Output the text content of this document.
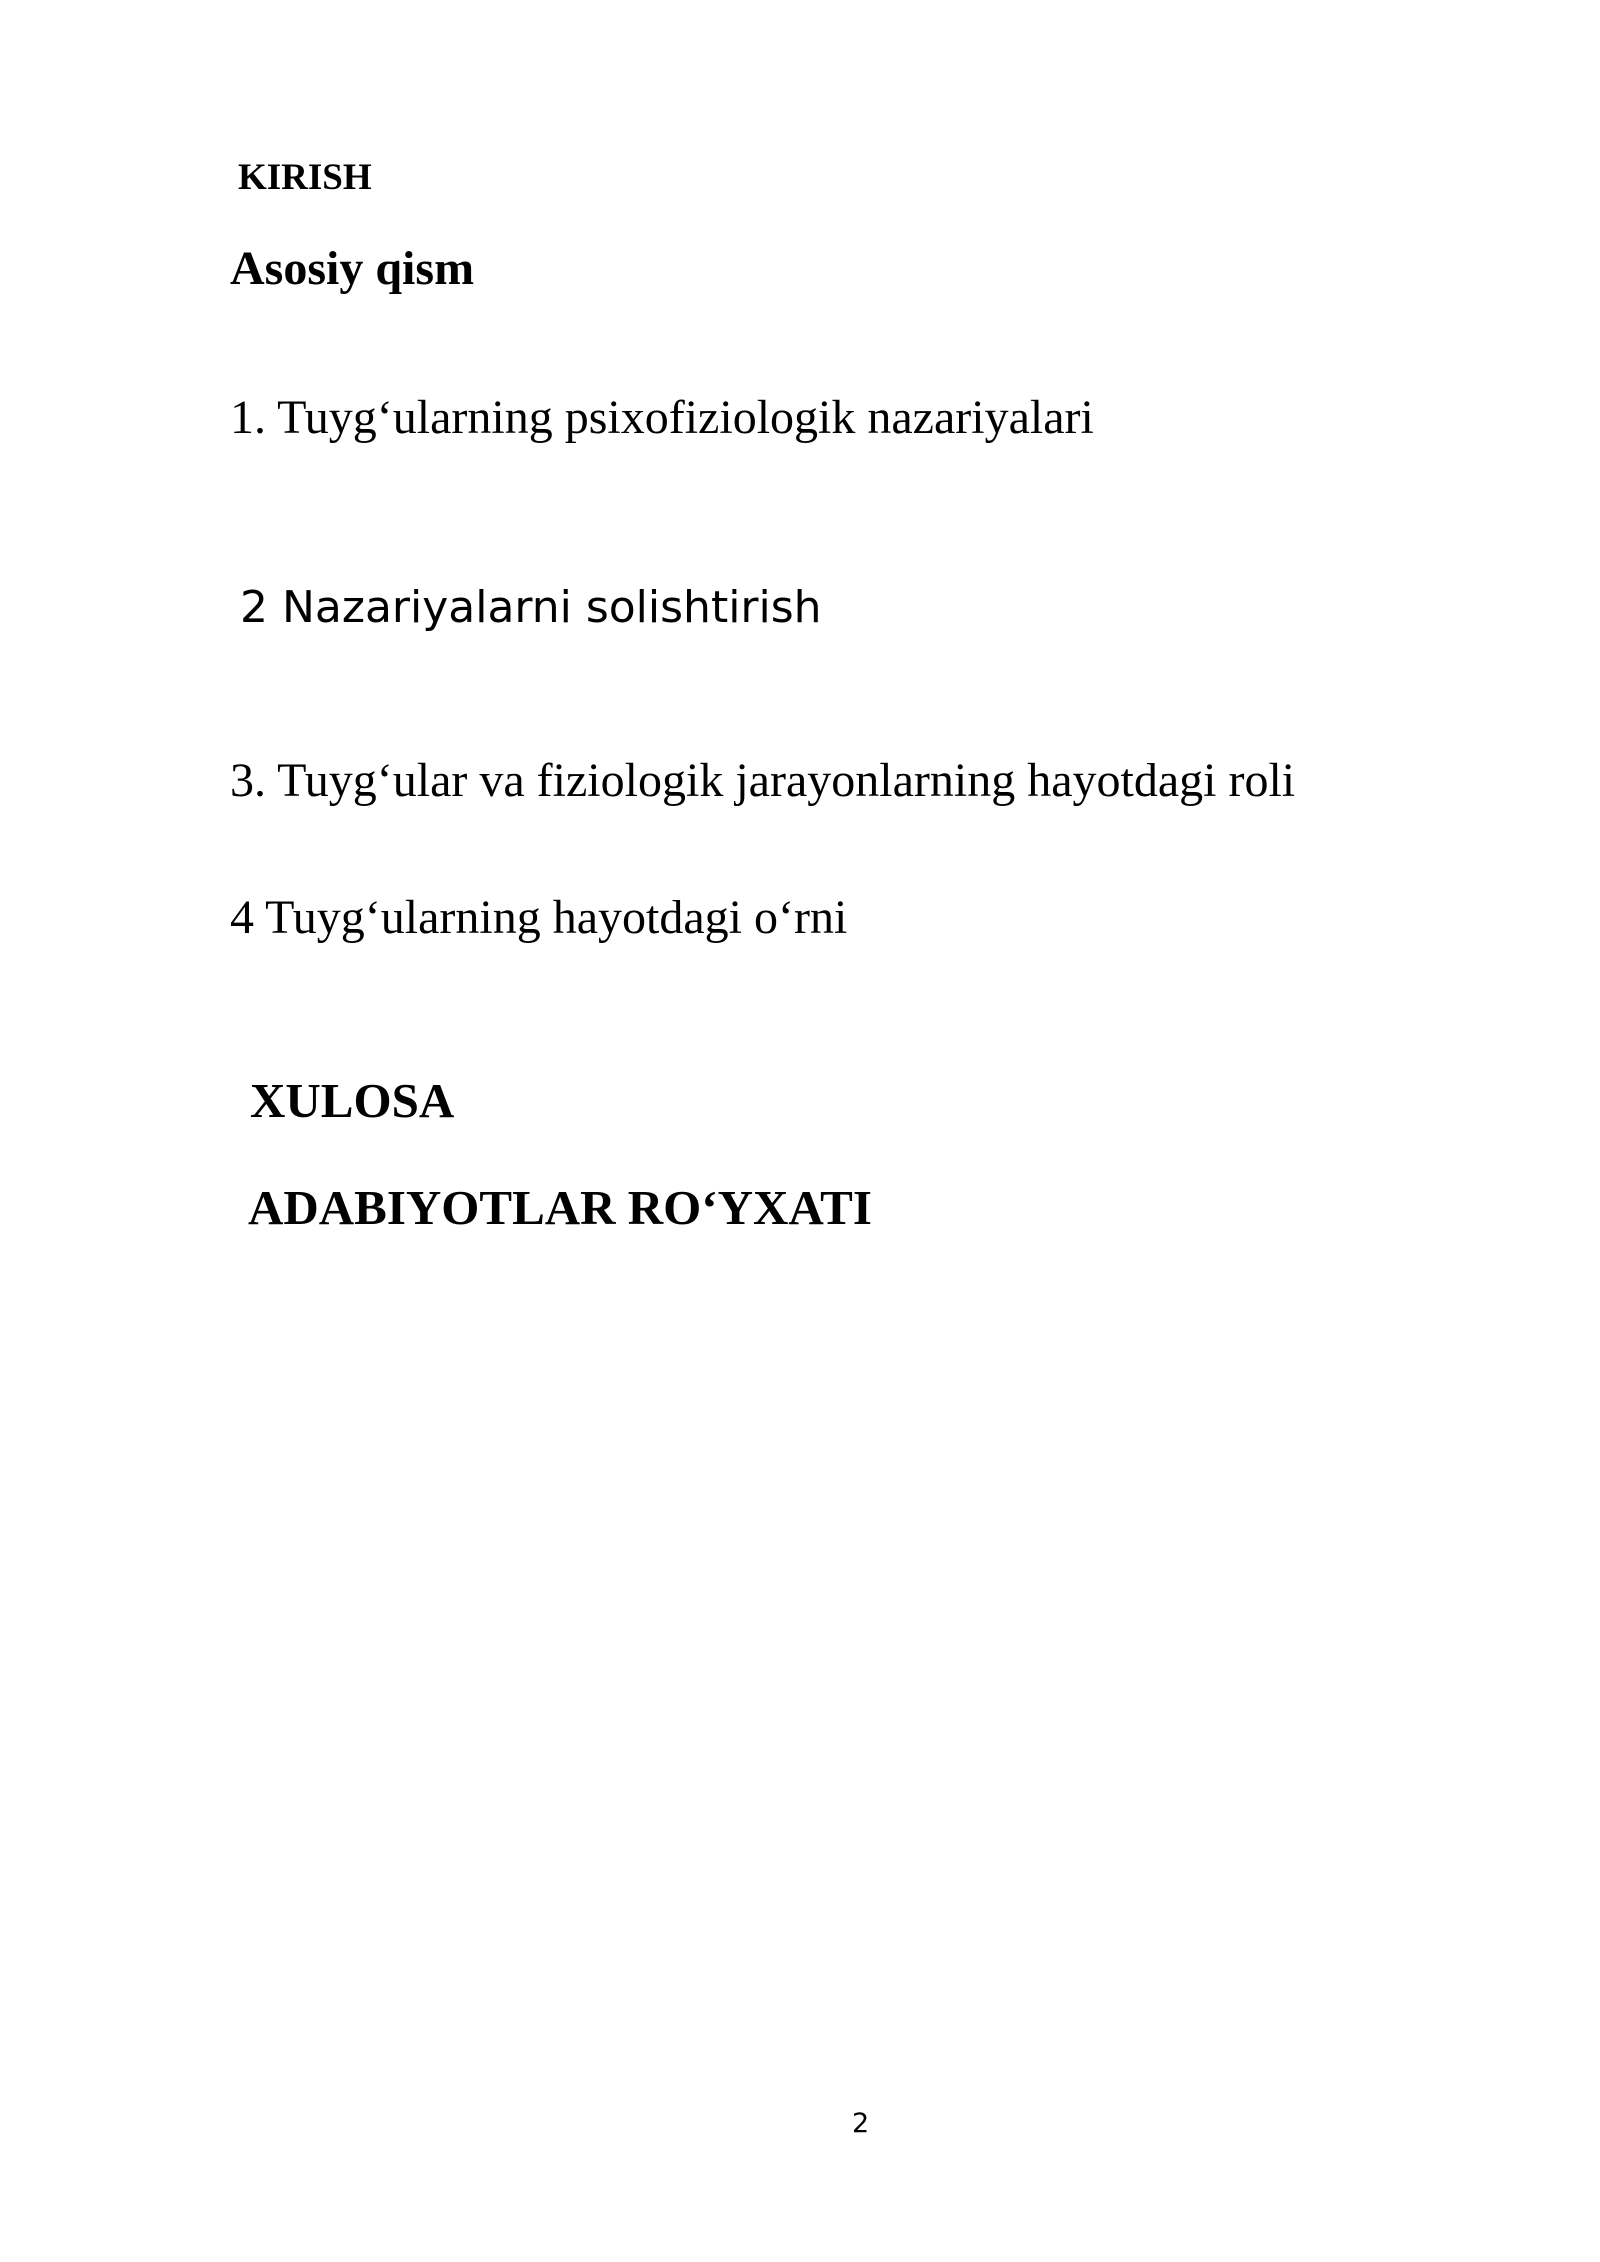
KIRISH
Asosiy qism
1. Tuyg‘ularning psixofiziologik nazariyalari
2 Nazariyalarni solishtirish
3. Tuyg‘ular va fiziologik jarayonlarning hayotdagi roli
4 Tuyg‘ularning hayotdagi o‘rni
XULOSA
ADABIYOTLAR RO‘YXATI
2
